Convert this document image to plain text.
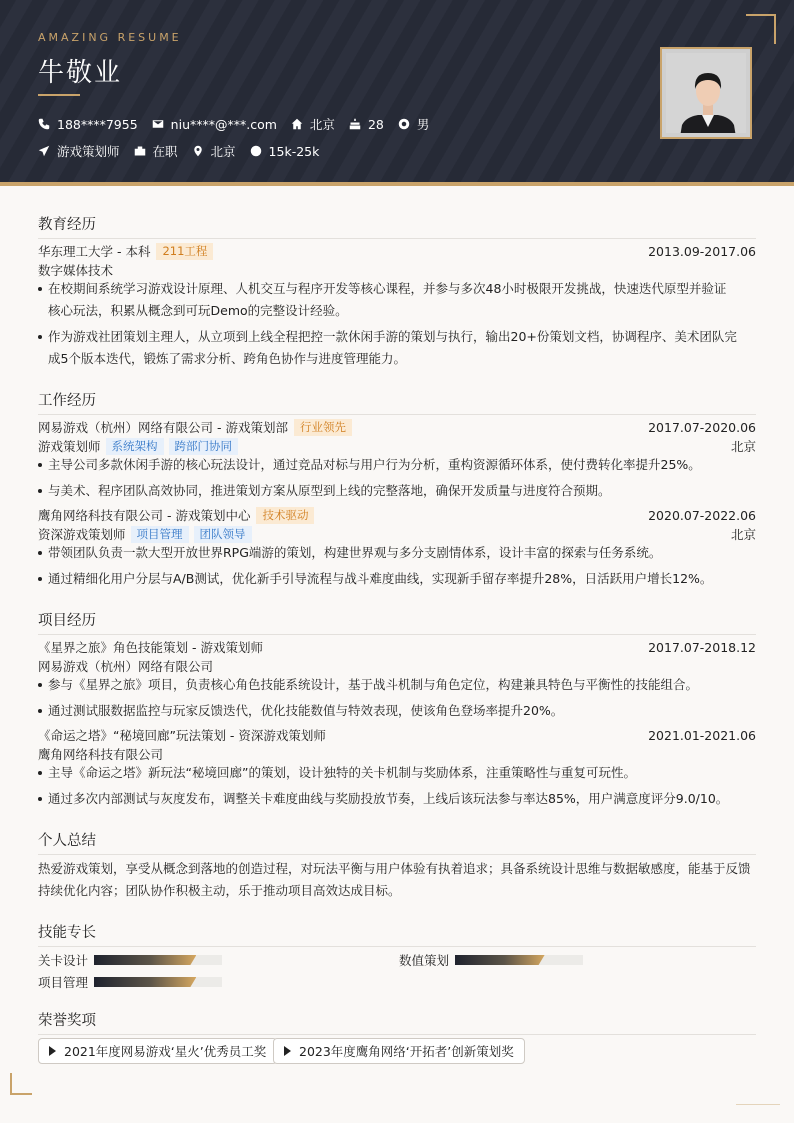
AMAZING RESUME
牛敬业
188****7955	niu****@***.com	北京	28	男
游戏策划师	在职	北京	15k-25k
教育经历
华东理工大学 - 本科	211工程	2013.09-2017.06
数字媒体技术
在校期间系统学习游戏设计原理、人机交互与程序开发等核心课程，并参与多次48小时极限开发挑战，快速迭代原型并验证核心玩法，积累从概念到可玩Demo的完整设计经验。
作为游戏社团策划主理人，从立项到上线全程把控一款休闲手游的策划与执行，输出20+份策划文档，协调程序、美术团队完成5个版本迭代，锻炼了需求分析、跨角色协作与进度管理能力。
工作经历
网易游戏（杭州）网络有限公司 - 游戏策划部	行业领先	2017.07-2020.06
游戏策划师 系统架构	跨部门协同	北京
主导公司多款休闲手游的核心玩法设计，通过竞品对标与用户行为分析，重构资源循环体系，使付费转化率提升25%。
与美术、程序团队高效协同，推进策划方案从原型到上线的完整落地，确保开发质量与进度符合预期。
鹰角网络科技有限公司 - 游戏策划中心	技术驱动	2020.07-2022.06
资深游戏策划师 项目管理	团队领导	北京
带领团队负责一款大型开放世界RPG端游的策划，构建世界观与多分支剧情体系，设计丰富的探索与任务系统。
通过精细化用户分层与A/B测试，优化新手引导流程与战斗难度曲线，实现新手留存率提升28%，日活跃用户增长12%。
项目经历
《星界之旅》角色技能策划 - 游戏策划师	2017.07-2018.12
网易游戏（杭州）网络有限公司
参与《星界之旅》项目，负责核心角色技能系统设计，基于战斗机制与角色定位，构建兼具特色与平衡性的技能组合。
通过测试服数据监控与玩家反馈迭代，优化技能数值与特效表现，使该角色登场率提升20%。
《命运之塔》“秘境回廊”玩法策划 - 资深游戏策划师	2021.01-2021.06
鹰角网络科技有限公司
主导《命运之塔》新玩法“秘境回廊”的策划，设计独特的关卡机制与奖励体系，注重策略性与重复可玩性。
通过多次内部测试与灰度发布，调整关卡难度曲线与奖励投放节奏，上线后该玩法参与率达85%，用户满意度评分9.0/10。
个人总结
热爱游戏策划，享受从概念到落地的创造过程，对玩法平衡与用户体验有执着追求；具备系统设计思维与数据敏感度，能基于反馈持续优化内容；团队协作积极主动，乐于推动项目高效达成目标。
技能专长
关卡设计	数值策划
项目管理
荣誉奖项
2021年度网易游戏‘星火’优秀员工奖	2023年度鹰角网络‘开拓者’创新策划奖
